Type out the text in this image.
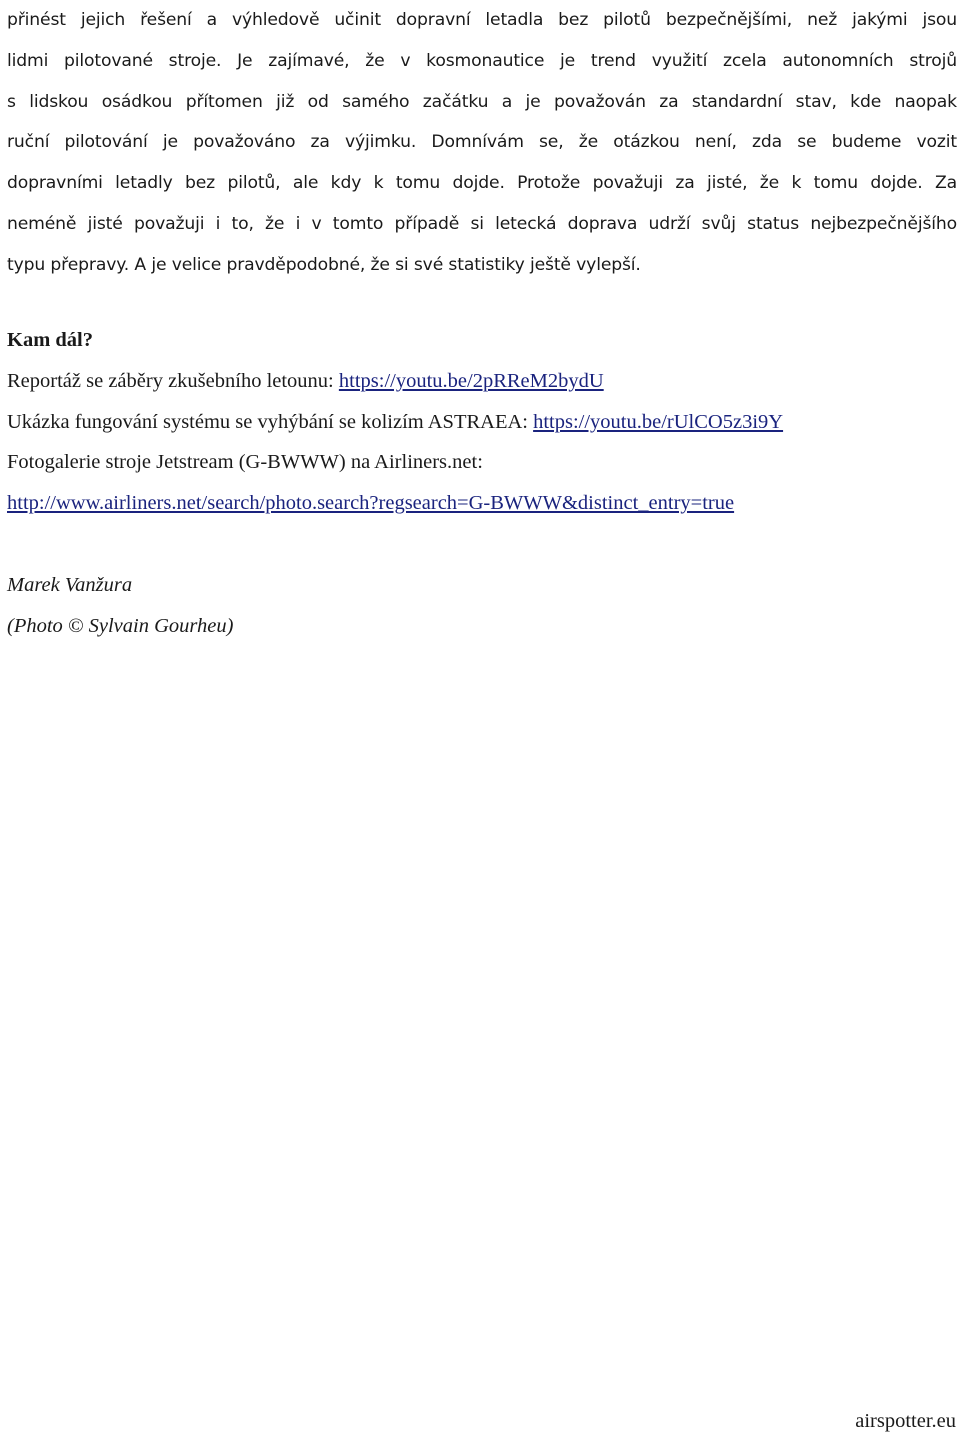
přinést jejich řešení a výhledově učinit dopravní letadla bez pilotů bezpečnějšími, než jakými jsou
lidmi pilotované stroje. Je zajímavé, že v kosmonautice je trend využití zcela autonomních strojů
s lidskou osádkou přítomen již od samého začátku a je považován za standardní stav, kde naopak
ruční pilotování je považováno za výjimku. Domnívám se, že otázkou není, zda se budeme vozit
dopravními letadly bez pilotů, ale kdy k tomu dojde. Protože považuji za jisté, že k tomu dojde. Za
neméně jisté považuji i to, že i v tomto případě si letecká doprava udrží svůj status nejbezpečnějšího
typu přepravy. A je velice pravděpodobné, že si své statistiky ještě vylepší.

Kam dál?
Reportáž se záběry zkušebního letounu: https://youtu.be/2pRReM2bydU
Ukázka fungování systému se vyhýbání se kolizím ASTRAEA: https://youtu.be/rUlCO5z3i9Y
Fotogalerie stroje Jetstream (G-BWWW) na Airliners.net:
http://www.airliners.net/search/photo.search?regsearch=G-BWWW&distinct_entry=true
Marek Vanžura
(Photo © Sylvain Gourheu)
airspotter.eu
